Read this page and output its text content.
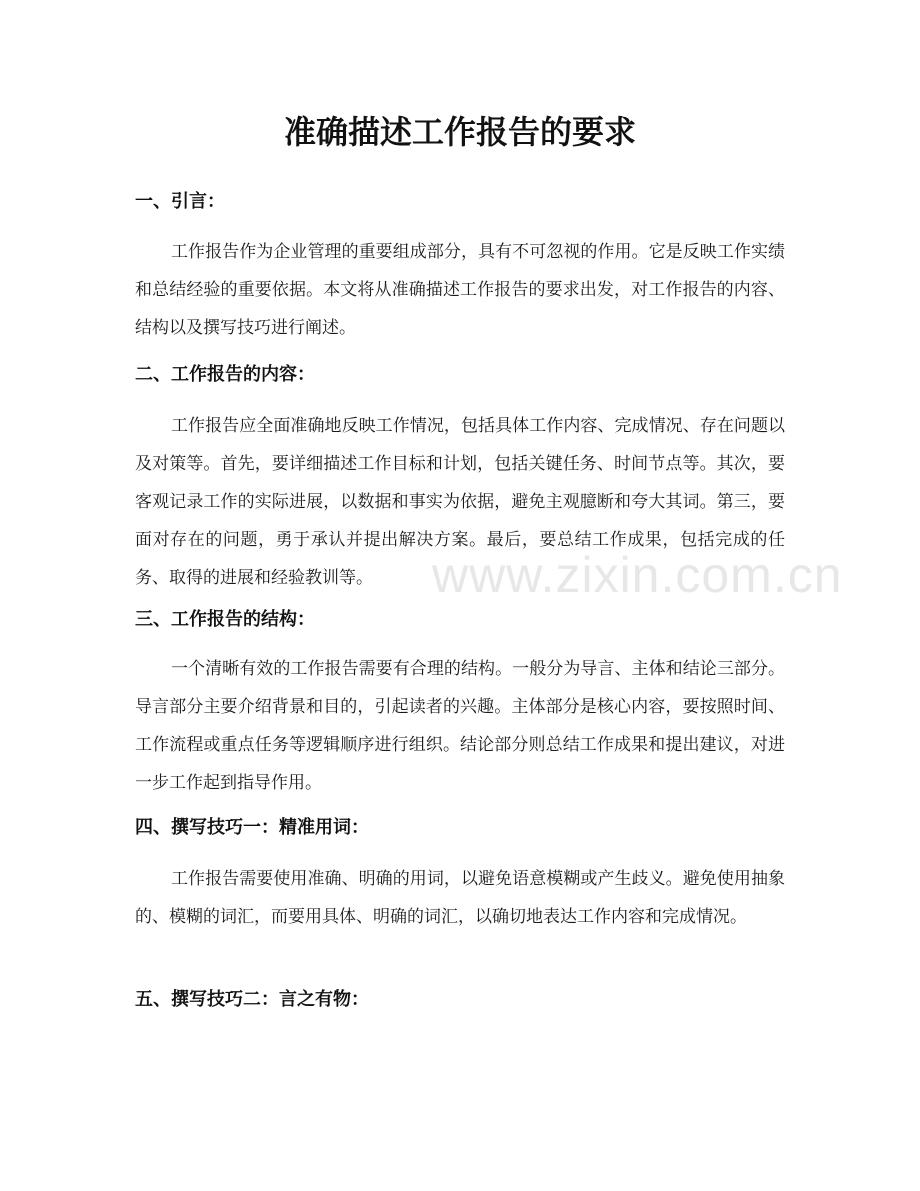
准确描述工作报告的要求
一、引言：
工作报告作为企业管理的重要组成部分，具有不可忽视的作用。它是反映工作实绩和总结经验的重要依据。本文将从准确描述工作报告的要求出发，对工作报告的内容、结构以及撰写技巧进行阐述。
二、工作报告的内容：
工作报告应全面准确地反映工作情况，包括具体工作内容、完成情况、存在问题以及对策等。首先，要详细描述工作目标和计划，包括关键任务、时间节点等。其次，要客观记录工作的实际进展，以数据和事实为依据，避免主观臆断和夸大其词。第三，要面对存在的问题，勇于承认并提出解决方案。最后，要总结工作成果，包括完成的任务、取得的进展和经验教训等。
三、工作报告的结构：
一个清晰有效的工作报告需要有合理的结构。一般分为导言、主体和结论三部分。导言部分主要介绍背景和目的，引起读者的兴趣。主体部分是核心内容，要按照时间、工作流程或重点任务等逻辑顺序进行组织。结论部分则总结工作成果和提出建议，对进一步工作起到指导作用。
四、撰写技巧一：精准用词：
工作报告需要使用准确、明确的用词，以避免语意模糊或产生歧义。避免使用抽象的、模糊的词汇，而要用具体、明确的词汇，以确切地表达工作内容和完成情况。
五、撰写技巧二：言之有物：
www.zixin.com.cn
